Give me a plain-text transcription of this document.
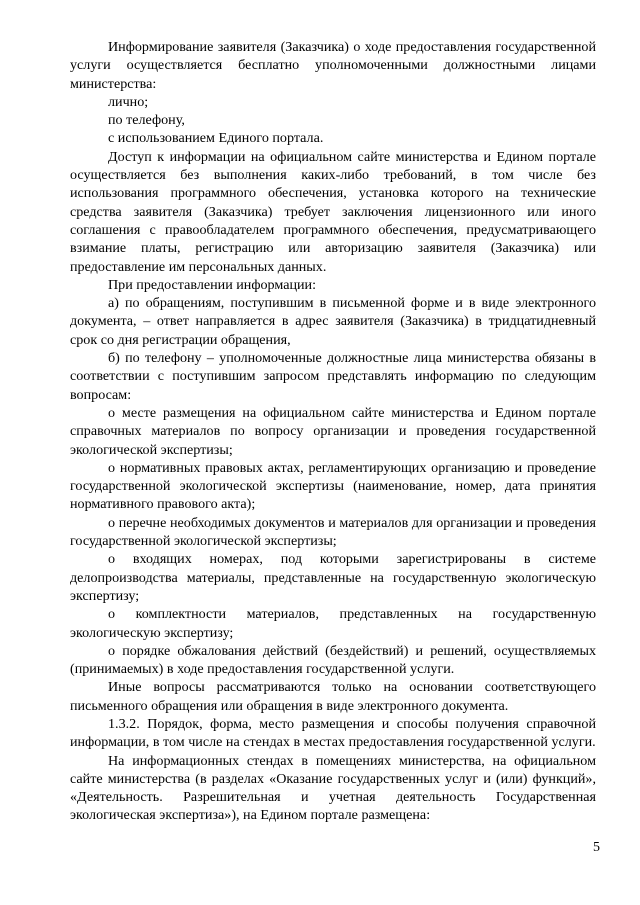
Информирование заявителя (Заказчика) о ходе предоставления государственной услуги осуществляется бесплатно уполномоченными должностными лицами министерства:

лично;

по телефону,

с использованием Единого портала.

Доступ к информации на официальном сайте министерства и Едином портале осуществляется без выполнения каких-либо требований, в том числе без использования программного обеспечения, установка которого на технические средства заявителя (Заказчика) требует заключения лицензионного или иного соглашения с правообладателем программного обеспечения, предусматривающего взимание платы, регистрацию или авторизацию заявителя (Заказчика) или предоставление им персональных данных.

При предоставлении информации:

а) по обращениям, поступившим в письменной форме и в виде электронного документа, – ответ направляется в адрес заявителя (Заказчика) в тридцатидневный срок со дня регистрации обращения,

б) по телефону – уполномоченные должностные лица министерства обязаны в соответствии с поступившим запросом представлять информацию по следующим вопросам:

о месте размещения на официальном сайте министерства и Едином портале справочных материалов по вопросу организации и проведения государственной экологической экспертизы;

о нормативных правовых актах, регламентирующих организацию и проведение государственной экологической экспертизы (наименование, номер, дата принятия нормативного правового акта);

о перечне необходимых документов и материалов для организации и проведения государственной экологической экспертизы;

о входящих номерах, под которыми зарегистрированы в системе делопроизводства материалы, представленные на государственную экологическую экспертизу;

о комплектности материалов, представленных на государственную экологическую экспертизу;

о порядке обжалования действий (бездействий) и решений, осуществляемых (принимаемых) в ходе предоставления государственной услуги.

Иные вопросы рассматриваются только на основании соответствующего письменного обращения или обращения в виде электронного документа.

1.3.2. Порядок, форма, место размещения и способы получения справочной информации, в том числе на стендах в местах предоставления государственной услуги.

На информационных стендах в помещениях министерства, на официальном сайте министерства (в разделах «Оказание государственных услуг и (или) функций», «Деятельность. Разрешительная и учетная деятельность Государственная экологическая экспертиза»), на Едином портале размещена:

5
